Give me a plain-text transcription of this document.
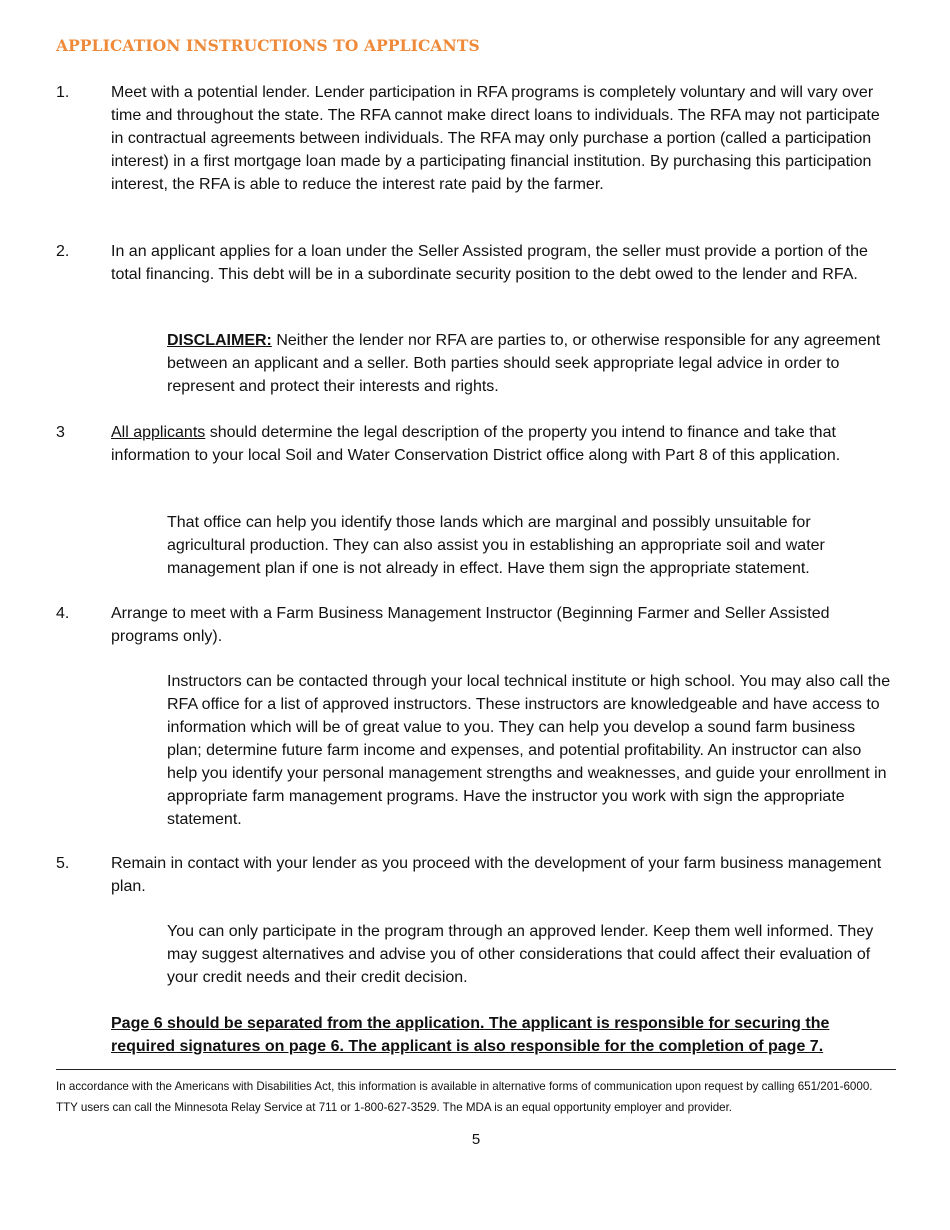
APPLICATION INSTRUCTIONS TO APPLICANTS
1.	Meet with a potential lender. Lender participation in RFA programs is completely voluntary and will vary over time and throughout the state. The RFA cannot make direct loans to individuals. The RFA may not participate in contractual agreements between individuals. The RFA may only purchase a portion (called a participation interest) in a first mortgage loan made by a participating financial institution. By purchasing this participation interest, the RFA is able to reduce the interest rate paid by the farmer.
2.	In an applicant applies for a loan under the Seller Assisted program, the seller must provide a portion of the total financing. This debt will be in a subordinate security position to the debt owed to the lender and RFA.
DISCLAIMER: Neither the lender nor RFA are parties to, or otherwise responsible for any agreement between an applicant and a seller. Both parties should seek appropriate legal advice in order to represent and protect their interests and rights.
3	All applicants should determine the legal description of the property you intend to finance and take that information to your local Soil and Water Conservation District office along with Part 8 of this application.
That office can help you identify those lands which are marginal and possibly unsuitable for agricultural production. They can also assist you in establishing an appropriate soil and water management plan if one is not already in effect. Have them sign the appropriate statement.
4.	Arrange to meet with a Farm Business Management Instructor (Beginning Farmer and Seller Assisted programs only).
Instructors can be contacted through your local technical institute or high school. You may also call the RFA office for a list of approved instructors. These instructors are knowledgeable and have access to information which will be of great value to you. They can help you develop a sound farm business plan; determine future farm income and expenses, and potential profitability. An instructor can also help you identify your personal management strengths and weaknesses, and guide your enrollment in appropriate farm management programs. Have the instructor you work with sign the appropriate statement.
5.	Remain in contact with your lender as you proceed with the development of your farm business management plan.
You can only participate in the program through an approved lender. Keep them well informed. They may suggest alternatives and advise you of other considerations that could affect their evaluation of your credit needs and their credit decision.
Page 6 should be separated from the application. The applicant is responsible for securing the required signatures on page 6. The applicant is also responsible for the completion of page 7.
In accordance with the Americans with Disabilities Act, this information is available in alternative forms of communication upon request by calling 651/201-6000. TTY users can call the Minnesota Relay Service at 711 or 1-800-627-3529. The MDA is an equal opportunity employer and provider.
5
